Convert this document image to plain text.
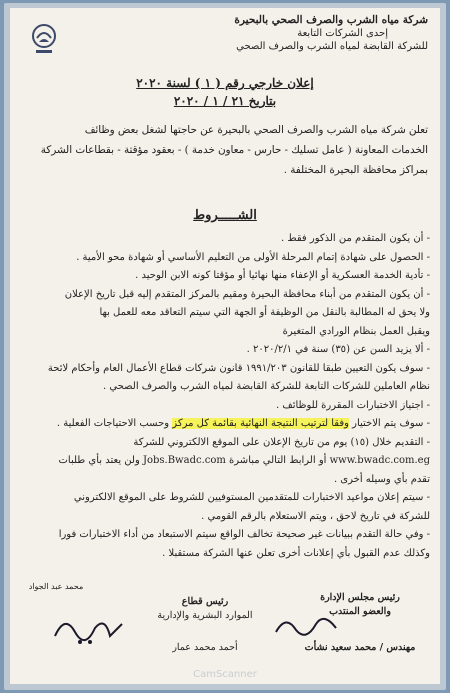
شركة مياه الشرب والصرف الصحي بالبحيرة
إحدى الشركات التابعة
للشركة القابضة لمياه الشرب والصرف الصحي
إعلان خارجي رقم ( ١ ) لسنة ٢٠٢٠
بتاريخ ٢١ / ١ / ٢٠٢٠
تعلن شركة مياه الشرب والصرف الصحي بالبحيرة عن حاجتها لشغل بعض وظائف
الخدمات المعاونة ( عامل تسليك - حارس - معاون خدمة ) - بعقود مؤقتة - بقطاعات الشركة
بمراكز محافظة البحيرة المختلفة .
الشـــــروط
- أن يكون المتقدم من الذكور فقط .
- الحصول على شهادة إتمام المرحلة الأولى من التعليم الأساسي أو شهادة محو الأمية .
- تأدية الخدمة العسكرية أو الإعفاء منها نهائيا أو مؤقتا كونه الابن الوحيد .
- أن يكون المتقدم من أبناء محافظة البحيرة ومقيم بالمركز المتقدم إليه قبل تاريخ الإعلان
ولا يحق له المطالبة بالنقل من الوظيفة أو الجهة التي سيتم التعاقد معه للعمل بها
ويقبل العمل بنظام الورادي المتغيرة
- ألا يزيد السن عن (٣٥) سنة في ٢٠٢٠/٢/١ .
- سوف يكون التعيين طبقا للقانون ١٩٩١/٢٠٣ قانون شركات قطاع الأعمال العام وأحكام لائحة
نظام العاملين للشركات التابعة للشركة القابضة لمياه الشرب والصرف الصحي .
- اجتياز الاختبارات المقررة للوظائف .
- سوف يتم الاختيار وفقا لترتيب النتيجة النهائية بقائمة كل مركز وحسب الاحتياجات الفعلية .
- التقديم خلال (١٥) يوم من تاريخ الإعلان على الموقع الالكتروني للشركة
www.bwadc.com.eg أو الرابط التالي مباشرة Jobs.Bwadc.com ولن يعتد بأي طلبات
تقدم بأي وسيله أخرى .
- سيتم إعلان مواعيد الاختبارات للمتقدمين المستوفيين للشروط على الموقع الالكتروني
للشركة في تاريخ لاحق ، ويتم الاستعلام بالرقم القومي .
- وفي حالة التقدم ببيانات غير صحيحة تخالف الواقع سيتم الاستبعاد من أداء الاختبارات فورا
وكذلك عدم القبول بأي إعلانات أخرى تعلن عنها الشركة مستقبلا .
رئيس مجلس الإدارة
والعضو المنتدب
مهندس / محمد سعيد نشأت
رئيس قطاع
الموارد البشرية والإدارية
أحمد محمد عمار
محمد عبد الجواد
CamScanner
